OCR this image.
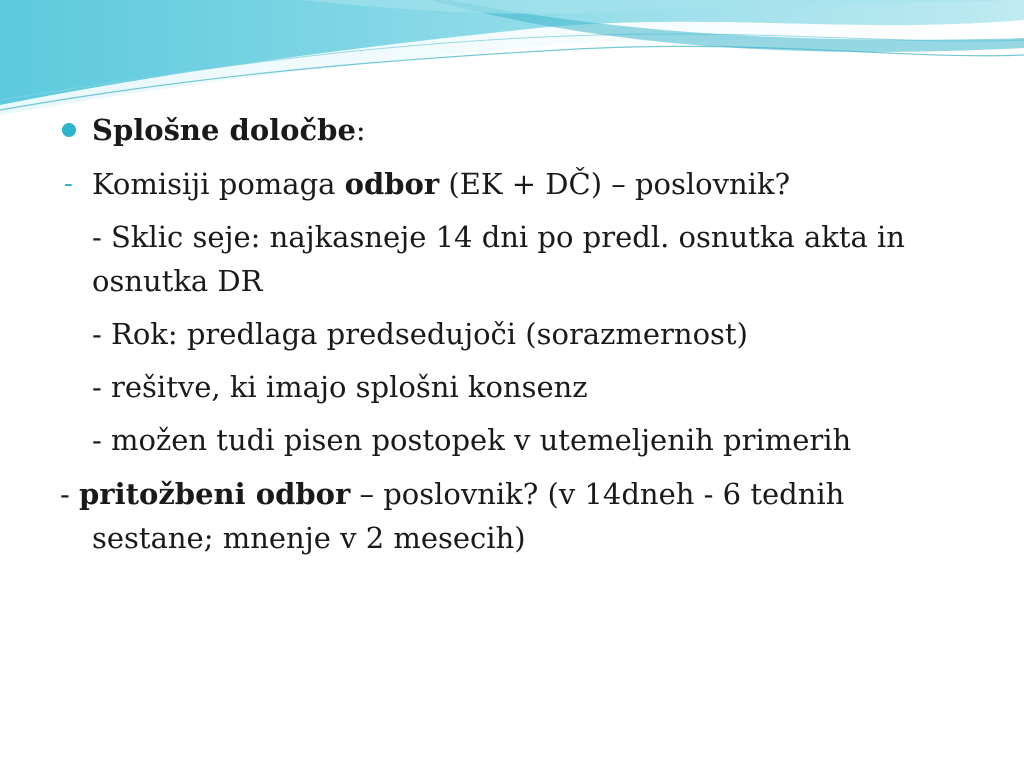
Splošne določbe:
- Komisiji pomaga odbor (EK + DČ) – poslovnik?
- Sklic seje: najkasneje 14 dni po predl. osnutka akta in
osnutka DR
- Rok: predlaga predsedujoči (sorazmernost)
- rešitve, ki imajo splošni konsenz
- možen tudi pisen postopek v utemeljenih primerih
- pritožbeni odbor – poslovnik? (v 14dneh - 6 tednih
sestane; mnenje v 2 mesecih)
